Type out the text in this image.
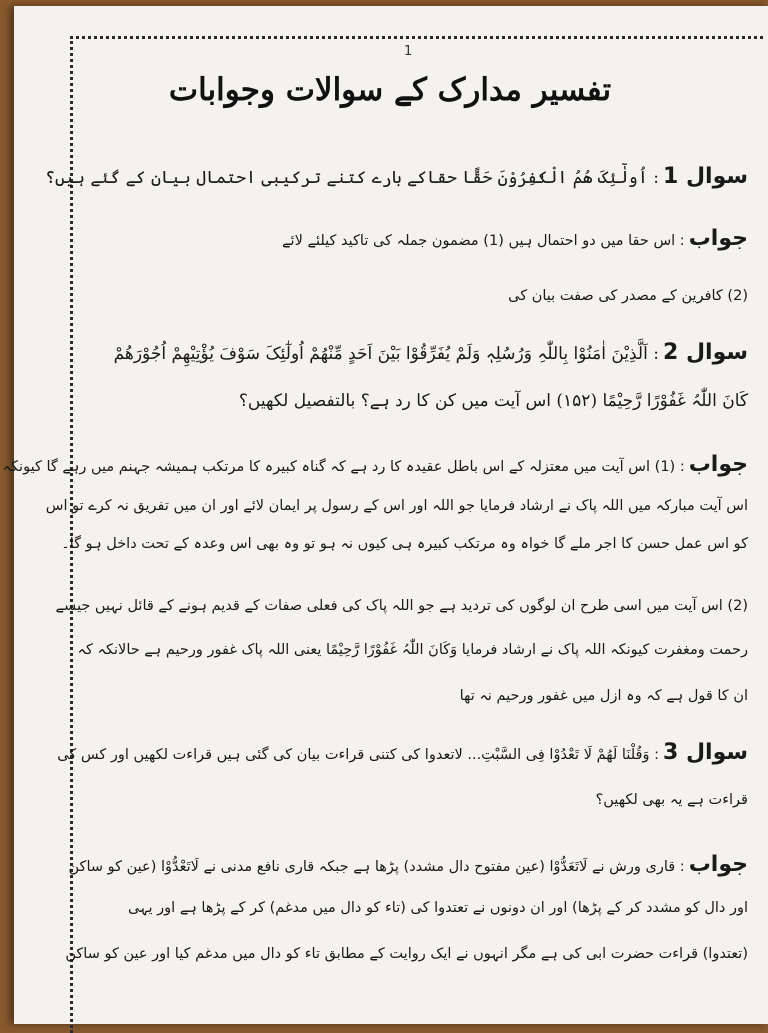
1
تفسیر مدارک کے سوالات وجوابات
سوال 1: اُولٰٓئِکَ ھُمُ الْکٰفِرُوْنَ حَقًّا حقاکے بارے کتنے ترکیبی احتمال بیان کے گئے ہیں؟
جواب: اس حقا میں دو احتمال ہیں (1) مضمون جملہ کی تاکید کیلئے لائے
(2) کافرین کے مصدر کی صفت بیان کی
سوال 2: اَلَّذِیْنَ اٰمَنُوْا بِاللّٰہِ وَرُسُلِہٖ وَلَمْ یُفَرِّقُوْا بَیْنَ اَحَدٍ مِّنْھُمْ اُولٰٓئِکَ سَوْفَ یُؤْتِیْھِمْ اُجُوْرَھُمْ
کَانَ اللّٰہُ غَفُوْرًا رَّحِیْمًا (۱۵۲) اس آیت میں کن کا رد ہے؟ بالتفصیل لکھیں؟
جواب: (1) اس آیت میں معتزلہ کے اس باطل عقیدہ کا رد ہے کہ گناہ کبیرہ کا مرتکب ہمیشہ جہنم میں رہے گا کیونکہ
اس آیت مبارکہ میں اللہ پاک نے ارشاد فرمایا جو اللہ اور اس کے رسول پر ایمان لائے اور ان میں تفریق نہ کرے تو اس
کو اس عمل حسن کا اجر ملے گا خواہ وہ مرتکب کبیرہ ہی کیوں نہ ہو تو وہ بھی اس وعدہ کے تحت داخل ہو گا۔
(2) اس آیت میں اسی طرح ان لوگوں کی تردید ہے جو اللہ پاک کی فعلی صفات کے قدیم ہونے کے قائل نہیں جیسے
رحمت ومغفرت کیونکہ اللہ پاک نے ارشاد فرمایا وَکَانَ اللّٰہُ غَفُوْرًا رَّحِیْمًا یعنی اللہ پاک غفور ورحیم ہے حالانکہ کہ
ان کا قول ہے کہ وہ ازل میں غفور ورحیم نہ تھا
سوال 3: وَقُلْنَا لَھُمْ لَا تَعْدُوْا فِی السَّبْتِ... لاتعدوا کی کتنی قراءت بیان کی گئی ہیں قراءت لکھیں اور کس کی
قراءت ہے یہ بھی لکھیں؟
جواب: قاری ورش نے لَاتَعَدُّوْا (عین مفتوح دال مشدد) پڑھا ہے جبکہ قاری نافع مدنی نے لَاتَعْدُّوْا (عین کو ساکن
اور دال کو مشدد کر کے پڑھا) اور ان دونوں نے تعتدوا کی (تاء کو دال میں مدغم) کر کے پڑھا ہے اور یہی
(تعتدوا) قراءت حضرت ابی کی ہے مگر انہوں نے ایک روایت کے مطابق تاء کو دال میں مدغم کیا اور عین کو ساکن
